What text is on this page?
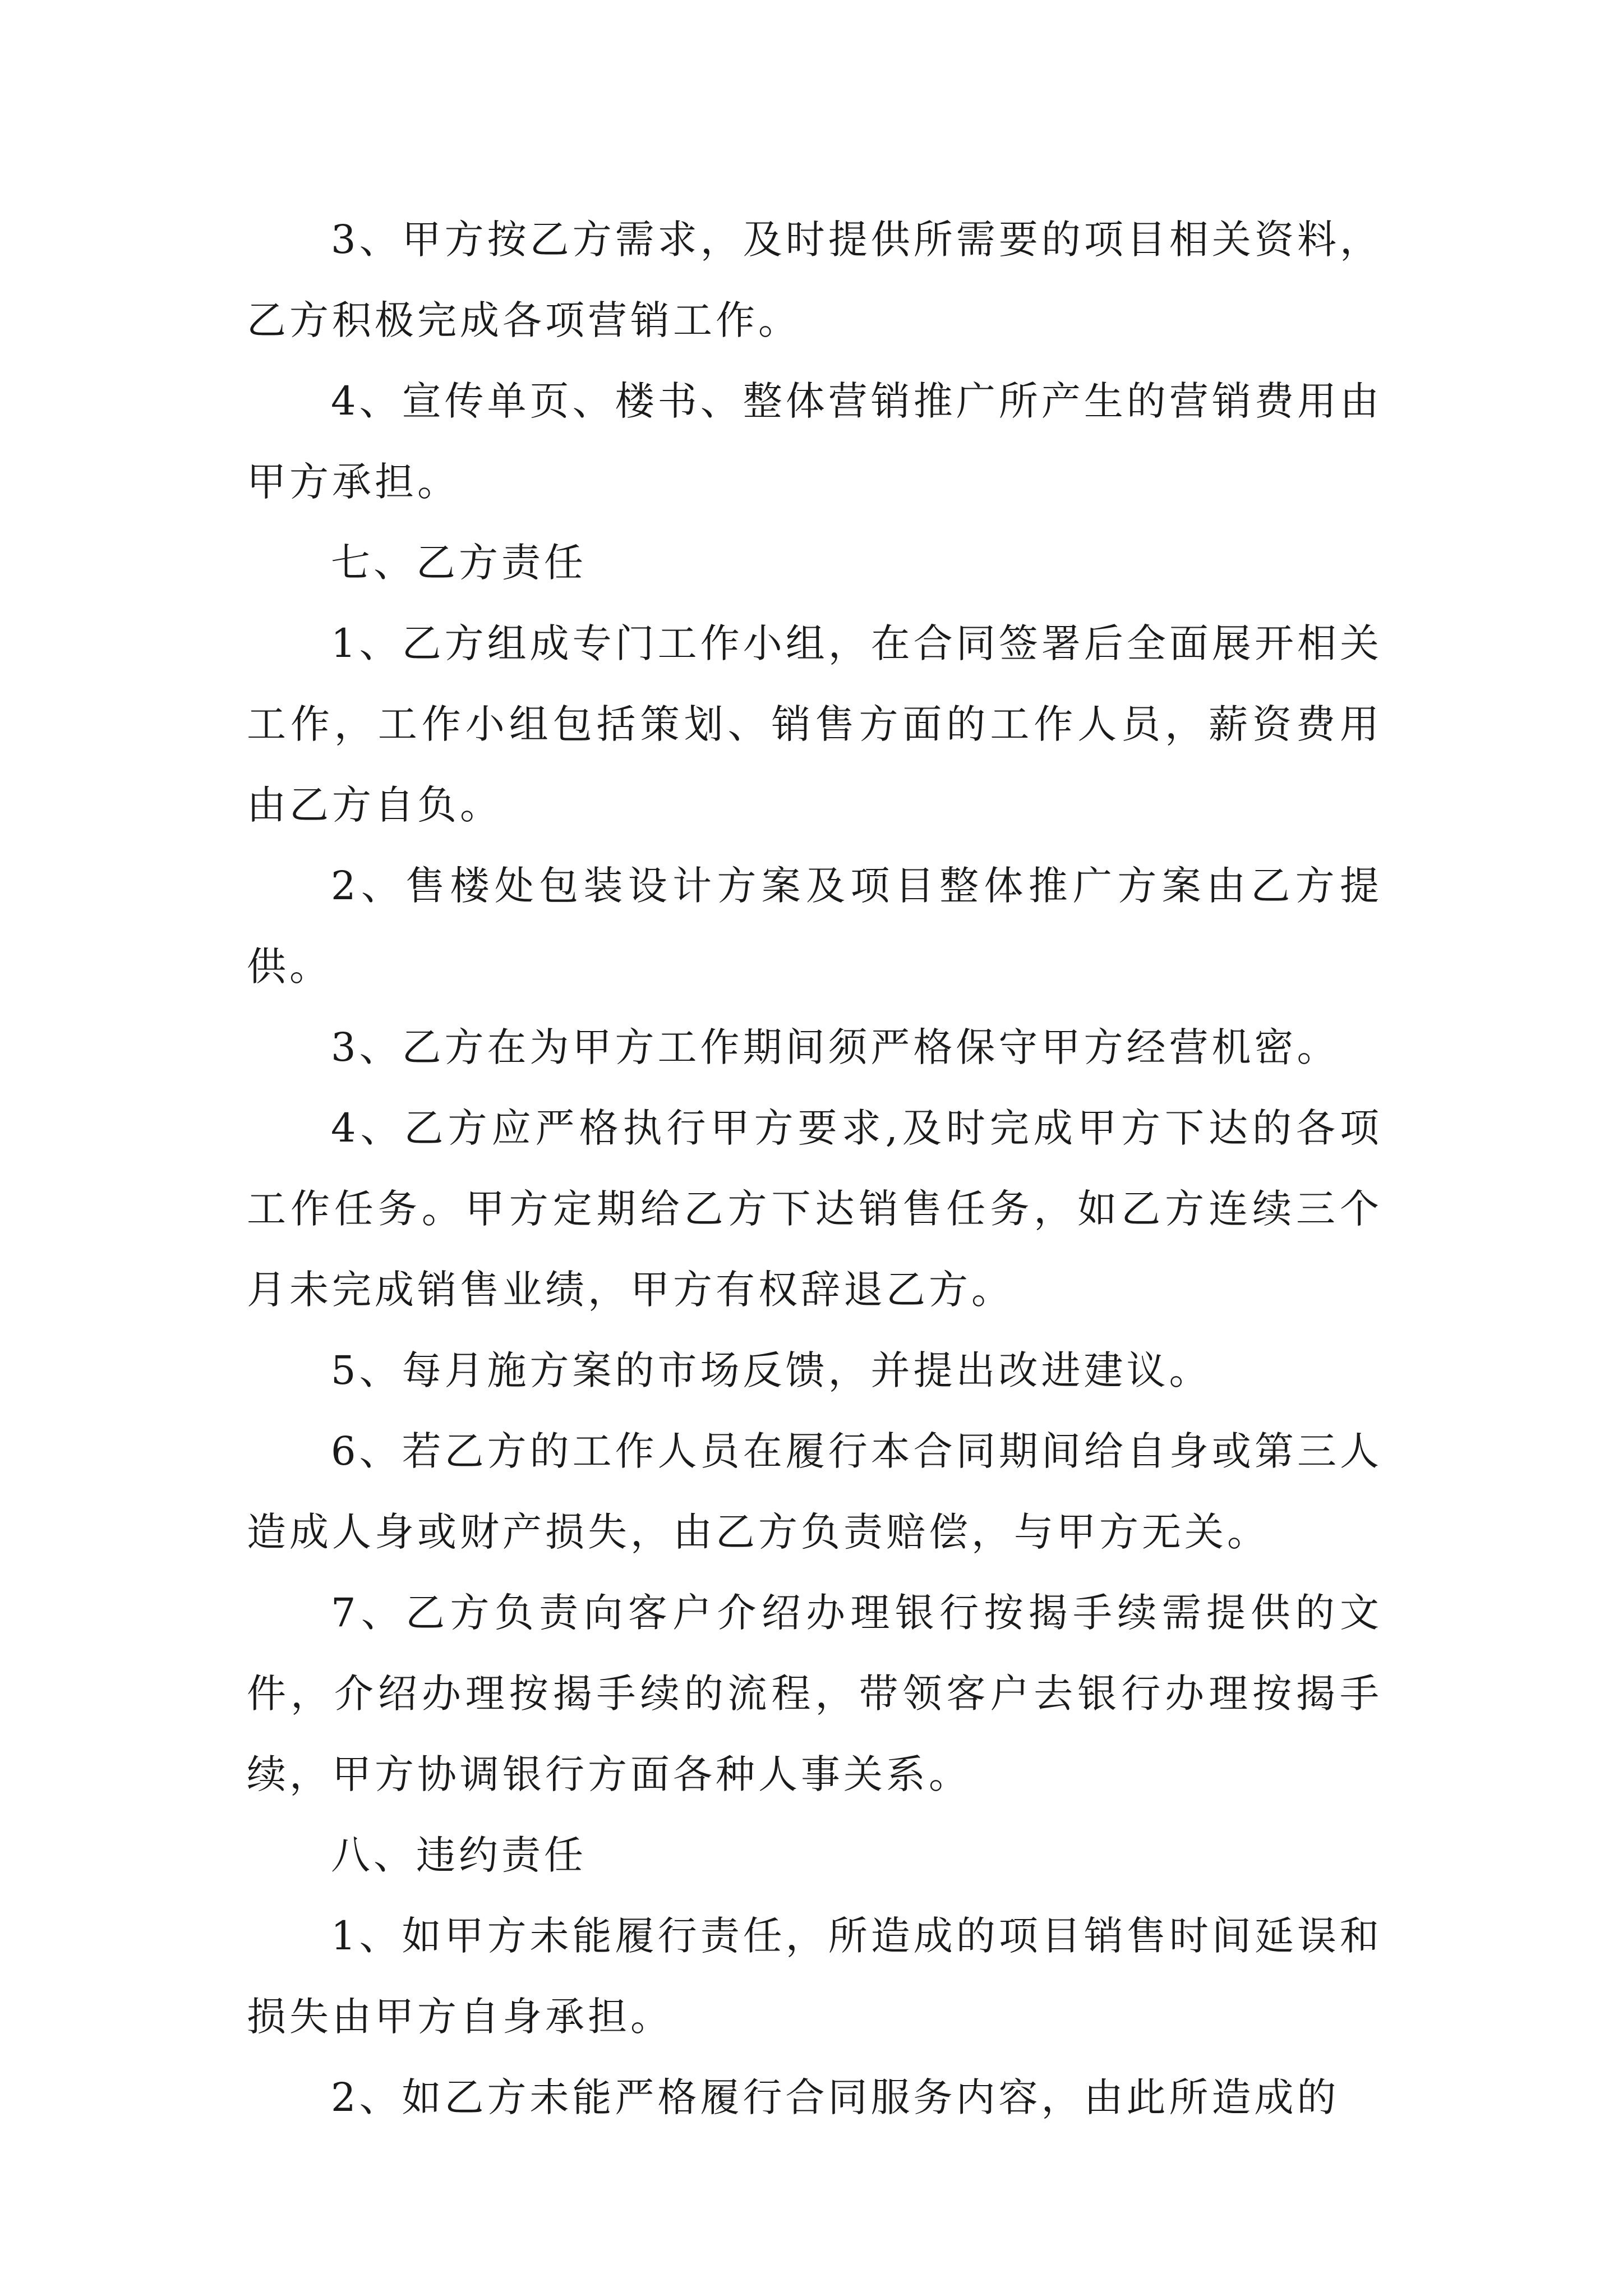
3、甲方按乙方需求，及时提供所需要的项目相关资料，乙方积极完成各项营销工作。

4、宣传单页、楼书、整体营销推广所产生的营销费用由甲方承担。

七、乙方责任

1、乙方组成专门工作小组，在合同签署后全面展开相关工作，工作小组包括策划、销售方面的工作人员，薪资费用由乙方自负。

2、售楼处包装设计方案及项目整体推广方案由乙方提供。

3、乙方在为甲方工作期间须严格保守甲方经营机密。

4、乙方应严格执行甲方要求,及时完成甲方下达的各项工作任务。甲方定期给乙方下达销售任务，如乙方连续三个月未完成销售业绩，甲方有权辞退乙方。

5、每月施方案的市场反馈，并提出改进建议。

6、若乙方的工作人员在履行本合同期间给自身或第三人造成人身或财产损失，由乙方负责赔偿，与甲方无关。

7、乙方负责向客户介绍办理银行按揭手续需提供的文件，介绍办理按揭手续的流程，带领客户去银行办理按揭手续，甲方协调银行方面各种人事关系。

八、违约责任

1、如甲方未能履行责任，所造成的项目销售时间延误和损失由甲方自身承担。

2、如乙方未能严格履行合同服务内容，由此所造成的
